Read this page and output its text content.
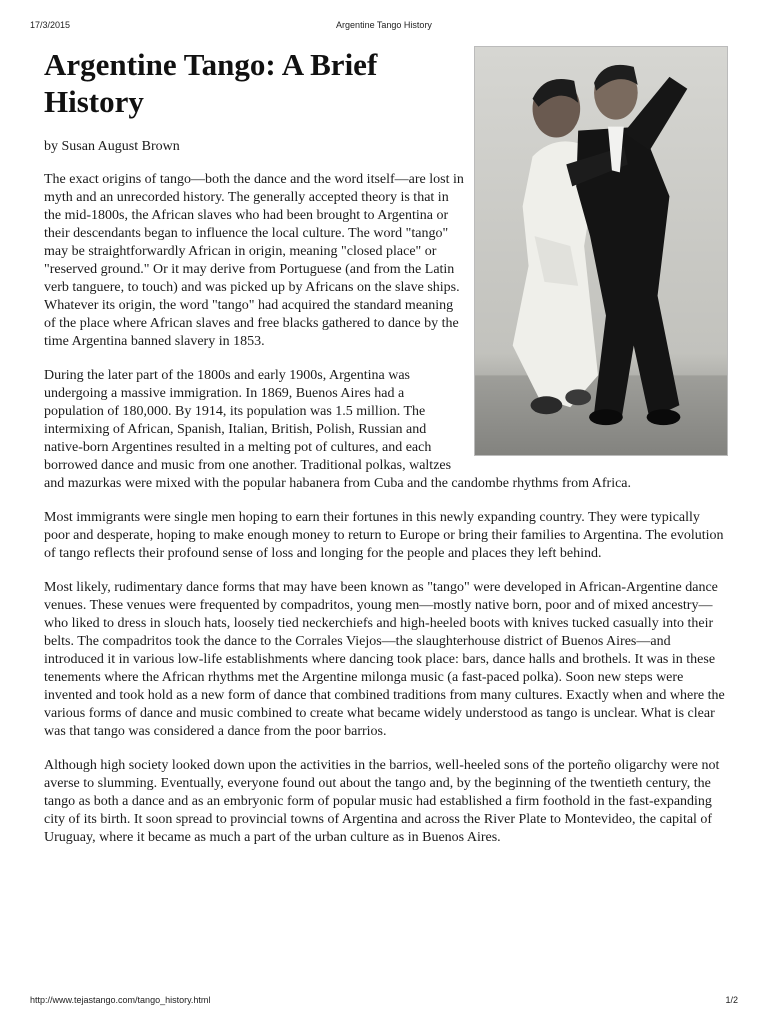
17/3/2015	Argentine Tango History
Argentine Tango: A Brief History

by Susan August Brown

The exact origins of tango—both the dance and the word itself—are lost in myth and an unrecorded history. The generally accepted theory is that in the mid-1800s, the African slaves who had been brought to Argentina or their descendants began to influence the local culture. The word "tango" may be straightforwardly African in origin, meaning "closed place" or "reserved ground." Or it may derive from Portuguese (and from the Latin verb tanguere, to touch) and was picked up by Africans on the slave ships. Whatever its origin, the word "tango" had acquired the standard meaning of the place where African slaves and free blacks gathered to dance by the time Argentina banned slavery in 1853.

During the later part of the 1800s and early 1900s, Argentina was undergoing a massive immigration. In 1869, Buenos Aires had a population of 180,000. By 1914, its population was 1.5 million. The intermixing of African, Spanish, Italian, British, Polish, Russian and native-born Argentines resulted in a melting pot of cultures, and each borrowed dance and music from one another. Traditional polkas, waltzes and mazurkas were mixed with the popular habanera from Cuba and the candombe rhythms from Africa.

Most immigrants were single men hoping to earn their fortunes in this newly expanding country. They were typically poor and desperate, hoping to make enough money to return to Europe or bring their families to Argentina. The evolution of tango reflects their profound sense of loss and longing for the people and places they left behind.

Most likely, rudimentary dance forms that may have been known as "tango" were developed in African-Argentine dance venues. These venues were frequented by compadritos, young men—mostly native born, poor and of mixed ancestry—who liked to dress in slouch hats, loosely tied neckerchiefs and high-heeled boots with knives tucked casually into their belts. The compadritos took the dance to the Corrales Viejos—the slaughterhouse district of Buenos Aires—and introduced it in various low-life establishments where dancing took place: bars, dance halls and brothels. It was in these tenements where the African rhythms met the Argentine milonga music (a fast-paced polka). Soon new steps were invented and took hold as a new form of dance that combined traditions from many cultures. Exactly when and where the various forms of dance and music combined to create what became widely understood as tango is unclear. What is clear was that tango was considered a dance from the poor barrios.

Although high society looked down upon the activities in the barrios, well-heeled sons of the porteño oligarchy were not averse to slumming. Eventually, everyone found out about the tango and, by the beginning of the twentieth century, the tango as both a dance and as an embryonic form of popular music had established a firm foothold in the fast-expanding city of its birth. It soon spread to provincial towns of Argentina and across the River Plate to Montevideo, the capital of Uruguay, where it became as much a part of the urban culture as in Buenos Aires.

http://www.tejastango.com/tango_history.html	1/2
